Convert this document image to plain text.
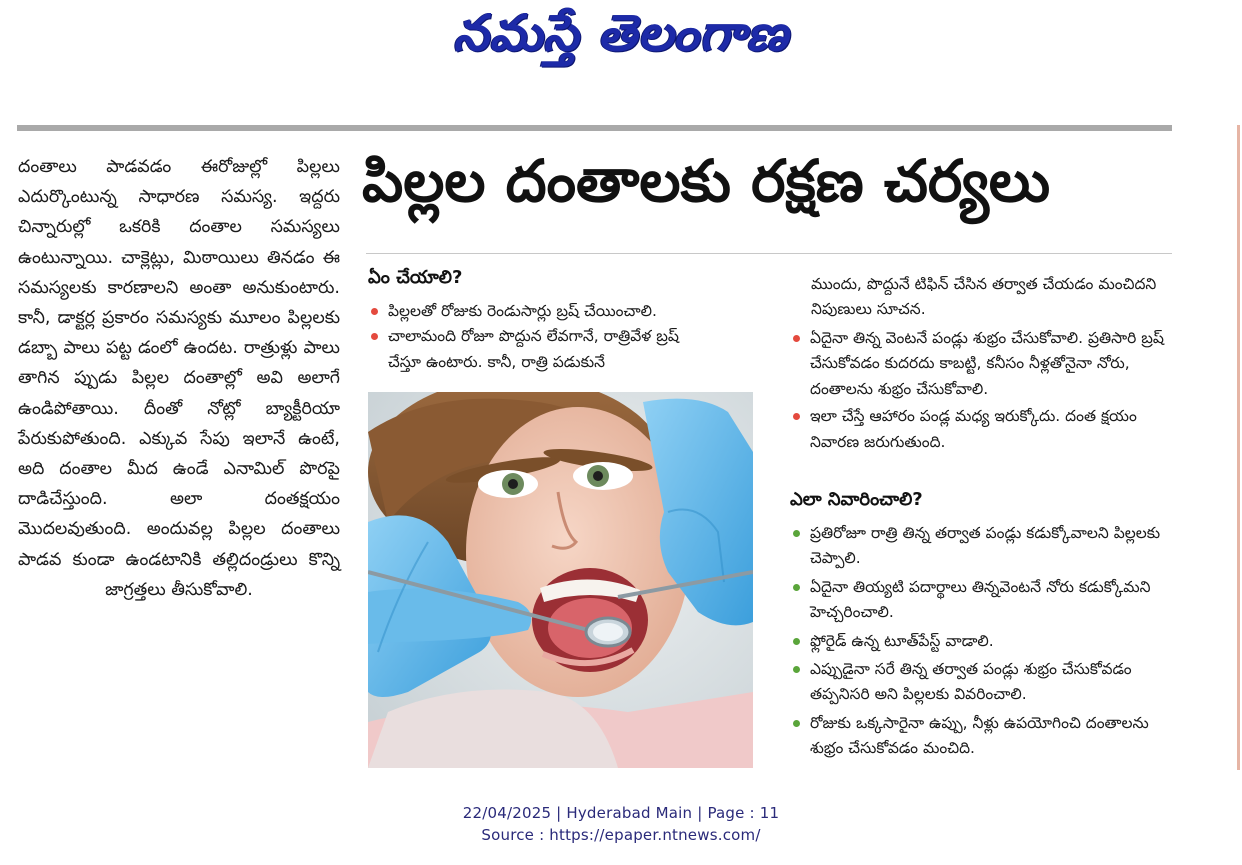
నమస్తే తెలంగాణ
దంతాలు పాడవడం ఈరోజుల్లో పిల్లలు ఎదుర్కొంటున్న సాధారణ సమస్య. ఇద్దరు చిన్నారుల్లో ఒకరికి దంతాల సమస్యలు ఉంటున్నాయి. చాక్లెట్లు, మిఠాయిలు తినడం ఈ సమస్యలకు కారణాలని అంతా అనుకుంటారు. కానీ, డాక్టర్ల ప్రకారం సమస్యకు మూలం పిల్లలకు డబ్బా పాలు పట్ట డంలో ఉందట. రాత్రుళ్లు పాలు తాగిన ప్పుడు పిల్లల దంతాల్లో అవి అలాగే ఉండిపోతాయి. దీంతో నోట్లో బ్యాక్టీరియా పేరుకుపోతుంది. ఎక్కువ సేపు ఇలానే ఉంటే, అది దంతాల మీద ఉండే ఎనామిల్ పొరపై దాడిచేస్తుంది. అలా దంతక్షయం మొదలవుతుంది. అందువల్ల పిల్లల దంతాలు పాడవ కుండా ఉండటానికి తల్లిదండ్రులు కొన్ని జాగ్రత్తలు తీసుకోవాలి.
పిల్లల దంతాలకు రక్షణ చర్యలు
ఏం చేయాలి?
పిల్లలతో రోజుకు రెండుసార్లు బ్రష్ చేయించాలి.
చాలామంది రోజూ పొద్దున లేవగానే, రాత్రివేళ బ్రష్ చేస్తూ ఉంటారు. కానీ, రాత్రి పడుకునే
ముందు, పొద్దునే టిఫిన్ చేసిన తర్వాత చేయడం మంచిదని నిపుణులు సూచన.
ఏదైనా తిన్న వెంటనే పండ్లు శుభ్రం చేసుకోవాలి. ప్రతిసారి బ్రష్ చేసుకోవడం కుదరదు కాబట్టి, కనీసం నీళ్లతోనైనా నోరు, దంతాలను శుభ్రం చేసుకోవాలి.
ఇలా చేస్తే ఆహారం పండ్ల మధ్య ఇరుక్కోదు. దంత క్షయం నివారణ జరుగుతుంది.
ఎలా నివారించాలి?
ప్రతిరోజూ రాత్రి తిన్న తర్వాత పండ్లు కడుక్కోవాలని పిల్లలకు చెప్పాలి.
ఏదైనా తియ్యటి పదార్థాలు తిన్నవెంటనే నోరు కడుక్కోమని హెచ్చరించాలి.
ఫ్లోరైడ్ ఉన్న టూత్‌పేస్ట్ వాడాలి.
ఎప్పుడైనా సరే తిన్న తర్వాత పండ్లు శుభ్రం చేసుకోవడం తప్పనిసరి అని పిల్లలకు వివరించాలి.
రోజుకు ఒక్కసారైనా ఉప్పు, నీళ్లు ఉపయోగించి దంతాలను శుభ్రం చేసుకోవడం మంచిది.
22/04/2025 | Hyderabad Main | Page : 11
Source : https://epaper.ntnews.com/
